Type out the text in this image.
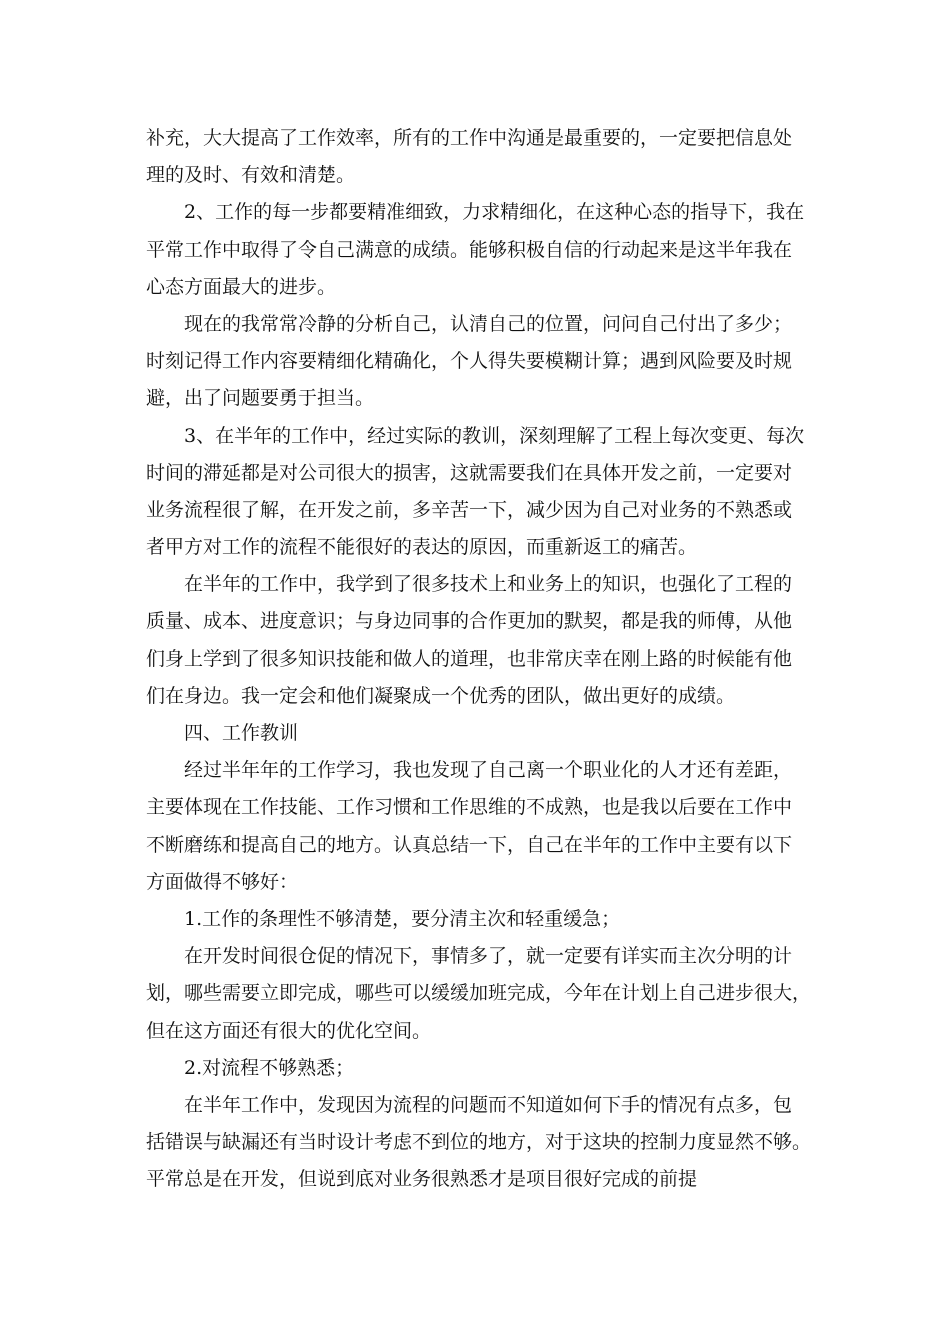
补充，大大提高了工作效率，所有的工作中沟通是最重要的，一定要把信息处
理的及时、有效和清楚。
2、工作的每一步都要精准细致，力求精细化，在这种心态的指导下，我在
平常工作中取得了令自己满意的成绩。能够积极自信的行动起来是这半年我在
心态方面最大的进步。
现在的我常常冷静的分析自己，认清自己的位置，问问自己付出了多少；
时刻记得工作内容要精细化精确化，个人得失要模糊计算；遇到风险要及时规
避，出了问题要勇于担当。
3、在半年的工作中，经过实际的教训，深刻理解了工程上每次变更、每次
时间的滞延都是对公司很大的损害，这就需要我们在具体开发之前，一定要对
业务流程很了解，在开发之前，多辛苦一下，减少因为自己对业务的不熟悉或
者甲方对工作的流程不能很好的表达的原因，而重新返工的痛苦。
在半年的工作中，我学到了很多技术上和业务上的知识，也强化了工程的
质量、成本、进度意识；与身边同事的合作更加的默契，都是我的师傅，从他
们身上学到了很多知识技能和做人的道理，也非常庆幸在刚上路的时候能有他
们在身边。我一定会和他们凝聚成一个优秀的团队，做出更好的成绩。
四、工作教训
经过半年年的工作学习，我也发现了自己离一个职业化的人才还有差距，
主要体现在工作技能、工作习惯和工作思维的不成熟，也是我以后要在工作中
不断磨练和提高自己的地方。认真总结一下，自己在半年的工作中主要有以下
方面做得不够好：
1.工作的条理性不够清楚，要分清主次和轻重缓急；
在开发时间很仓促的情况下，事情多了，就一定要有详实而主次分明的计
划，哪些需要立即完成，哪些可以缓缓加班完成，今年在计划上自己进步很大，
但在这方面还有很大的优化空间。
2.对流程不够熟悉；
在半年工作中，发现因为流程的问题而不知道如何下手的情况有点多，包
括错误与缺漏还有当时设计考虑不到位的地方，对于这块的控制力度显然不够。
平常总是在开发，但说到底对业务很熟悉才是项目很好完成的前提
